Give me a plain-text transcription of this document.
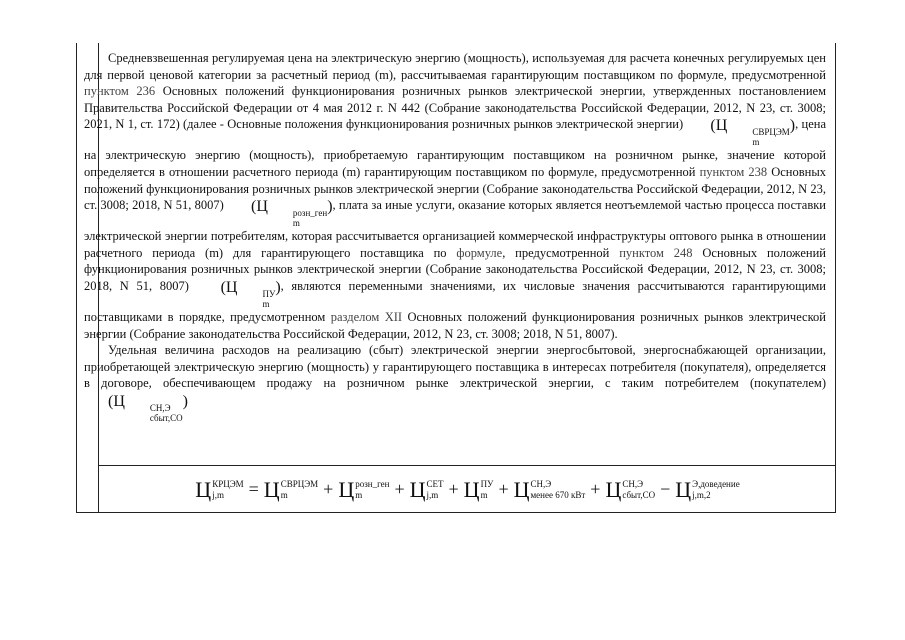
Средневзвешенная регулируемая цена на электрическую энергию (мощность), используемая для расчета конечных регулируемых цен для первой ценовой категории за расчетный период (m), рассчитываемая гарантирующим поставщиком по формуле, предусмотренной пунктом 236 Основных положений функционирования розничных рынков электрической энергии, утвержденных постановлением Правительства Российской Федерации от 4 мая 2012 г. N 442 (Собрание законодательства Российской Федерации, 2012, N 23, ст. 3008; 2021, N 1, ст. 172) (далее - Основные положения функционирования розничных рынков электрической энергии) (Ц	СВРЦЭМ
m
), цена на электрическую энергию (мощность), приобретаемую гарантирующим поставщиком на розничном рынке, значение которой определяется в отношении расчетного периода (m) гарантирующим поставщиком по формуле, предусмотренной пунктом 238 Основных положений функционирования розничных рынков электрической энергии (Собрание законодательства Российской Федерации, 2012, N 23, ст. 3008; 2018, N 51, 8007) (Ц	розн_ген
m
), плата за иные услуги, оказание которых является неотъемлемой частью процесса поставки электрической энергии потребителям, которая рассчитывается организацией коммерческой инфраструктуры оптового рынка в отношении расчетного периода (m) для гарантирующего поставщика по формуле, предусмотренной пунктом 248 Основных положений функционирования розничных рынков электрической энергии (Собрание законодательства Российской Федерации, 2012, N 23, ст. 3008; 2018, N 51, 8007) (Ц	ПУ
m
), являются переменными значениями, их числовые значения рассчитываются гарантирующими поставщиками в порядке, предусмотренном разделом XII Основных положений функционирования розничных рынков электрической энергии (Собрание законодательства Российской Федерации, 2012, N 23, ст. 3008; 2018, N 51, 8007).

Удельная величина расходов на реализацию (сбыт) электрической энергии энергосбытовой, энергоснабжающей организации, приобретающей электрическую энергию (мощность) у гарантирующего поставщика в интересах потребителя (покупателя), определяется в договоре, обеспечивающем продажу на розничном рынке электрической энергии, с таким потребителем (покупателем) (Ц	СН,Э
сбыт,СО
)

Ц КРЦЭМ
j,m	= Ц СВРЦЭМ
m	+ Ц розн_ген
m	+ Ц СЕТ
j,m + Ц ПУ
m + Ц СН,Э
менее 670 кВт + Ц СН,Э
сбыт,СО − Ц Э,доведение
j,m,2
